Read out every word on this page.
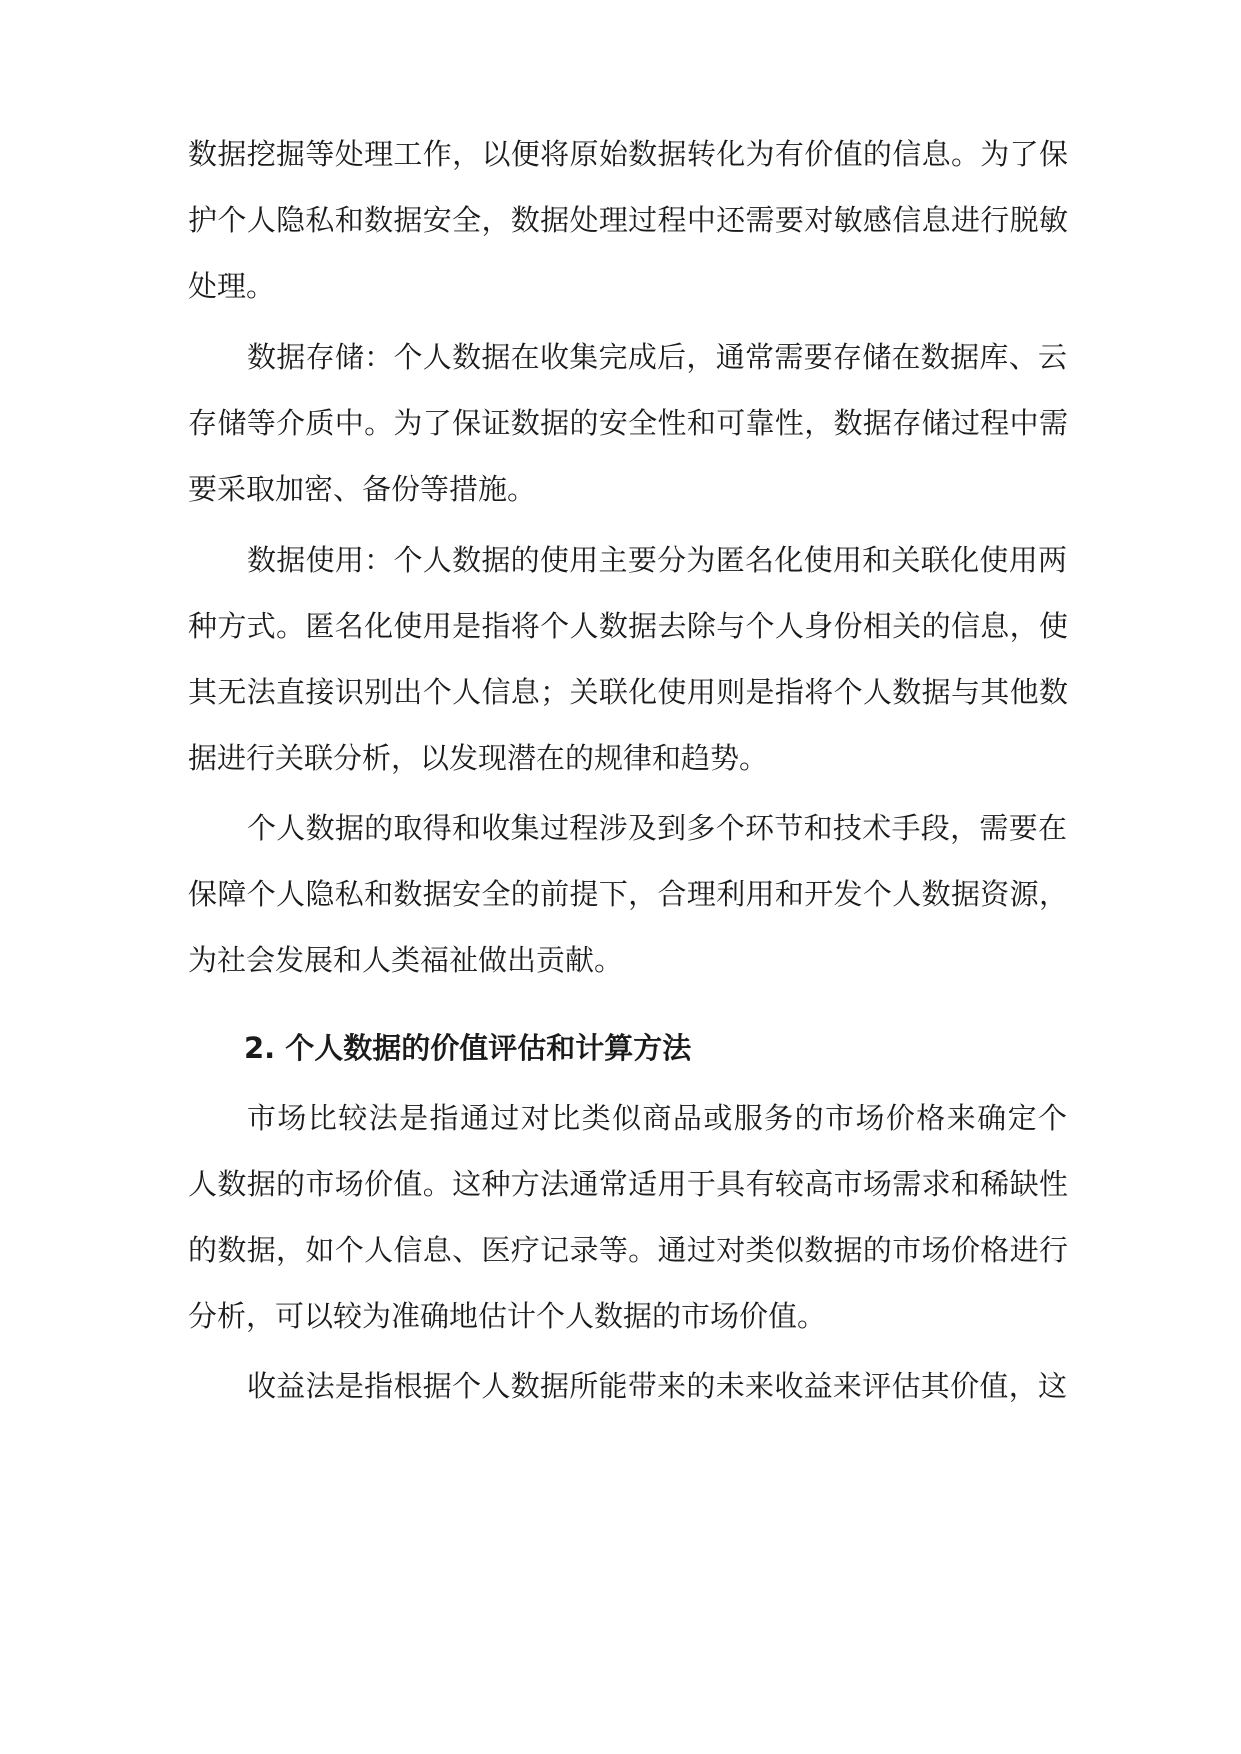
数据挖掘等处理工作，以便将原始数据转化为有价值的信息。为了保
护个人隐私和数据安全，数据处理过程中还需要对敏感信息进行脱敏
处理。
数据存储：个人数据在收集完成后，通常需要存储在数据库、云
存储等介质中。为了保证数据的安全性和可靠性，数据存储过程中需
要采取加密、备份等措施。
数据使用：个人数据的使用主要分为匿名化使用和关联化使用两
种方式。匿名化使用是指将个人数据去除与个人身份相关的信息，使
其无法直接识别出个人信息；关联化使用则是指将个人数据与其他数
据进行关联分析，以发现潜在的规律和趋势。
个人数据的取得和收集过程涉及到多个环节和技术手段，需要在
保障个人隐私和数据安全的前提下，合理利用和开发个人数据资源，
为社会发展和人类福祉做出贡献。
2. 个人数据的价值评估和计算方法
市场比较法是指通过对比类似商品或服务的市场价格来确定个
人数据的市场价值。这种方法通常适用于具有较高市场需求和稀缺性
的数据，如个人信息、医疗记录等。通过对类似数据的市场价格进行
分析，可以较为准确地估计个人数据的市场价值。
收益法是指根据个人数据所能带来的未来收益来评估其价值，这
